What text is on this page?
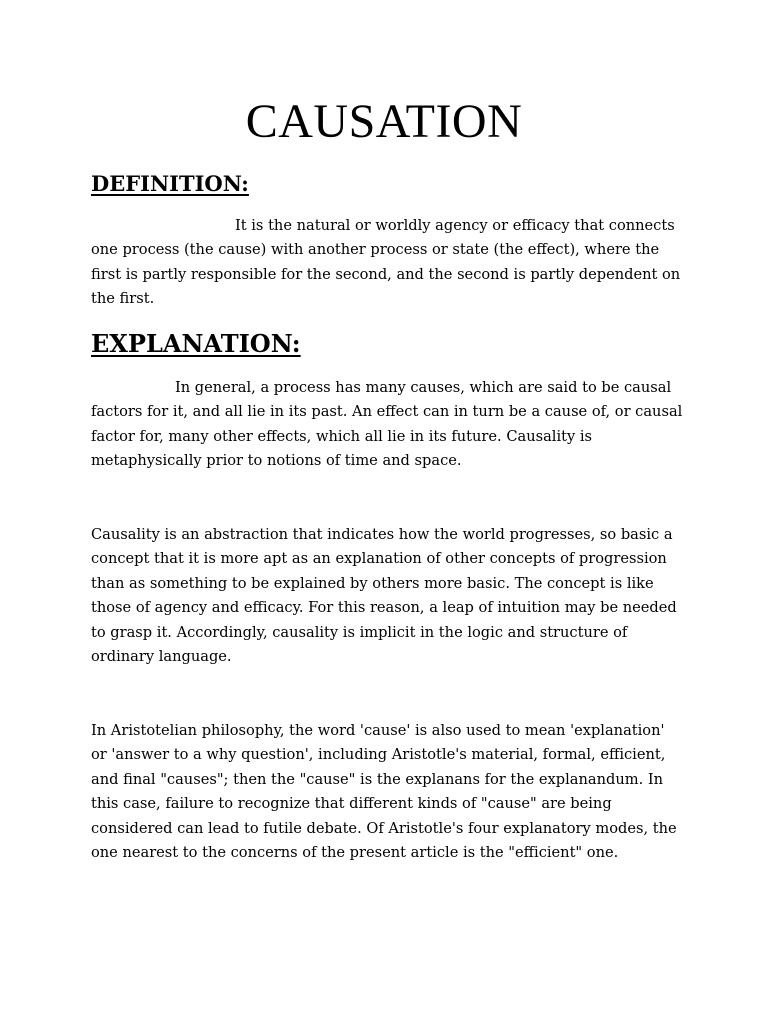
CAUSATION
DEFINITION:

It is the natural or worldly agency or efficacy that connects one process (the cause) with another process or state (the effect), where the first is partly responsible for the second, and the second is partly dependent on the first.

EXPLANATION:

In general, a process has many causes, which are said to be causal factors for it, and all lie in its past. An effect can in turn be a cause of, or causal factor for, many other effects, which all lie in its future. Causality is metaphysically prior to notions of time and space.

Causality is an abstraction that indicates how the world progresses, so basic a concept that it is more apt as an explanation of other concepts of progression than as something to be explained by others more basic. The concept is like those of agency and efficacy. For this reason, a leap of intuition may be needed to grasp it. Accordingly, causality is implicit in the logic and structure of ordinary language.

In Aristotelian philosophy, the word 'cause' is also used to mean 'explanation' or 'answer to a why question', including Aristotle's material, formal, efficient, and final "causes"; then the "cause" is the explanans for the explanandum. In this case, failure to recognize that different kinds of "cause" are being considered can lead to futile debate. Of Aristotle's four explanatory modes, the one nearest to the concerns of the present article is the "efficient" one.
